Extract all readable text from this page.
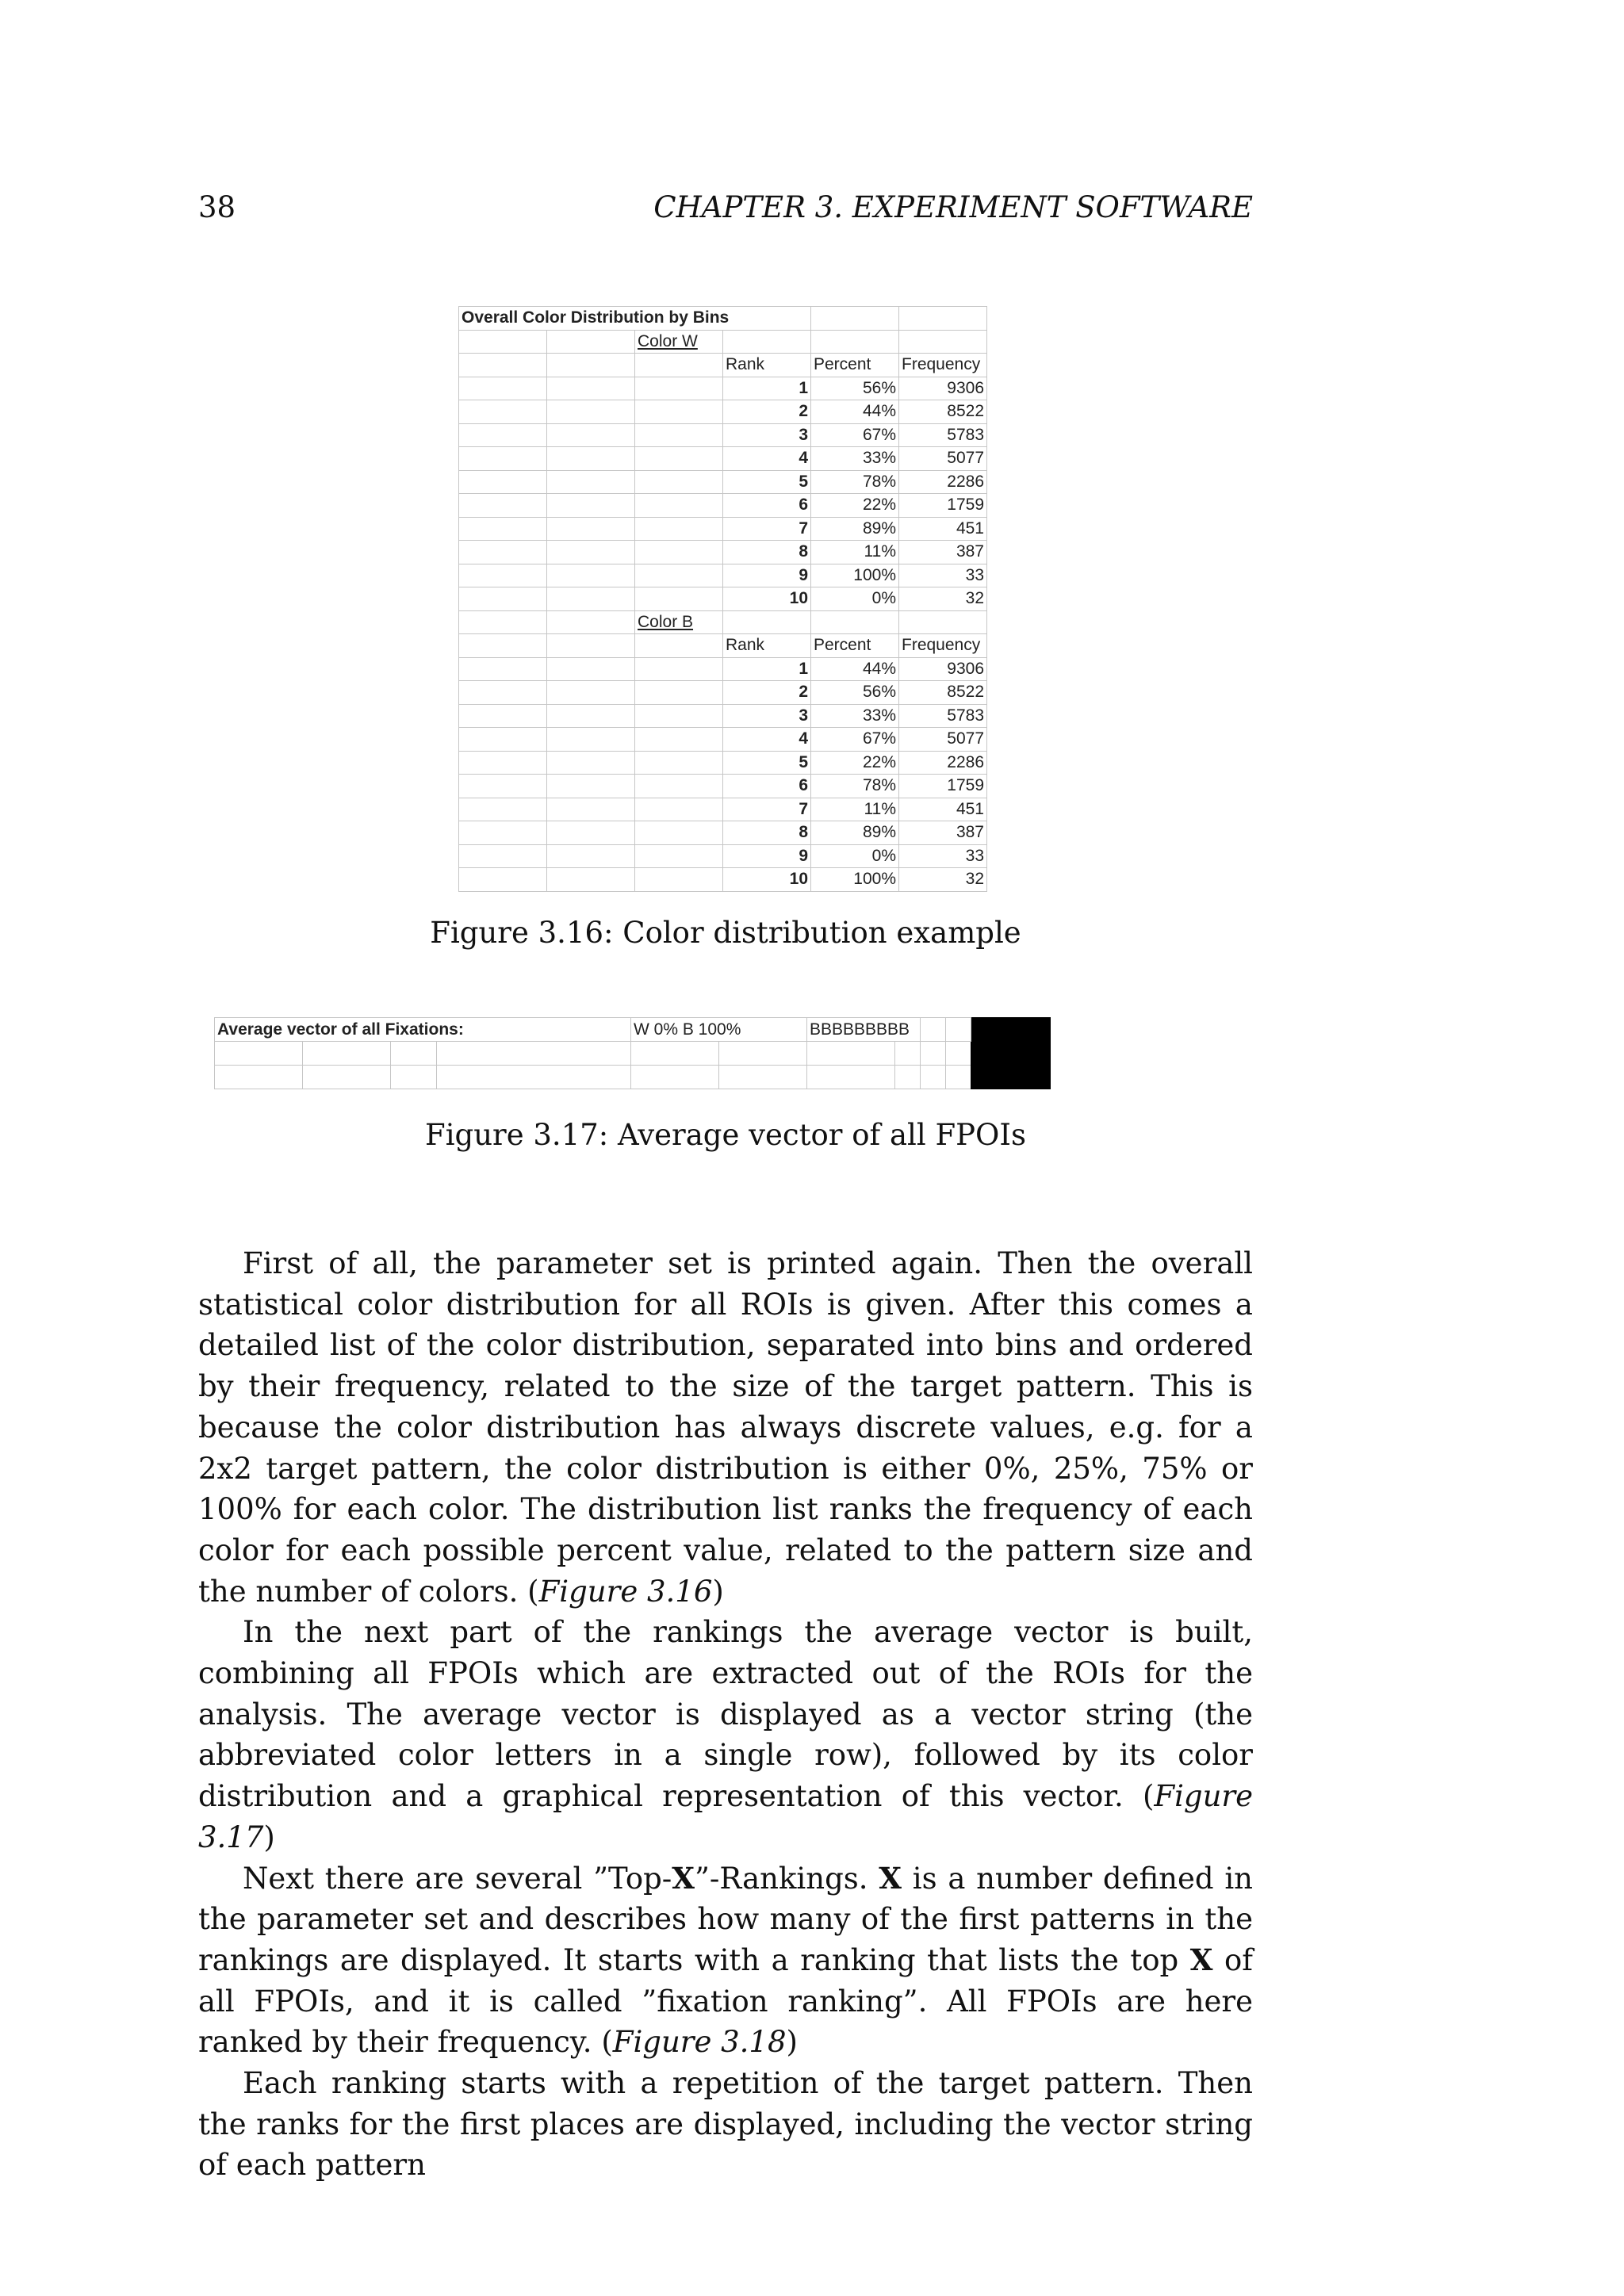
38	CHAPTER 3. EXPERIMENT SOFTWARE
Overall Color Distribution by Bins					
		Color W			
			Rank	Percent	Frequency
			1	56%	9306
			2	44%	8522
			3	67%	5783
			4	33%	5077
			5	78%	2286
			6	22%	1759
			7	89%	451
			8	11%	387
			9	100%	33
			10	0%	32
		Color B			
			Rank	Percent	Frequency
			1	44%	9306
			2	56%	8522
			3	33%	5783
			4	67%	5077
			5	22%	2286
			6	78%	1759
			7	11%	451
			8	89%	387
			9	0%	33
			10	100%	32
Figure 3.16: Color distribution example
Average vector of all Fixations:				W 0% B 100%		BBBBBBBBB				

Figure 3.17: Average vector of all FPOIs

First of all, the parameter set is printed again. Then the overall statistical color distribution for all ROIs is given. After this comes a detailed list of the color distribution, separated into bins and ordered by their frequency, related to the size of the target pattern. This is because the color distribution has always discrete values, e.g. for a 2x2 target pattern, the color distribution is either 0%, 25%, 75% or 100% for each color. The distribution list ranks the frequency of each color for each possible percent value, related to the pattern size and the number of colors. (Figure 3.16)

In the next part of the rankings the average vector is built, combining all FPOIs which are extracted out of the ROIs for the analysis. The average vector is displayed as a vector string (the abbreviated color letters in a single row), followed by its color distribution and a graphical representation of this vector. (Figure 3.17)

Next there are several ”Top-X”-Rankings. X is a number defined in the parameter set and describes how many of the first patterns in the rankings are displayed. It starts with a ranking that lists the top X of all FPOIs, and it is called ”fixation ranking”. All FPOIs are here ranked by their frequency. (Figure 3.18)

Each ranking starts with a repetition of the target pattern. Then the ranks for the first places are displayed, including the vector string of each pattern
